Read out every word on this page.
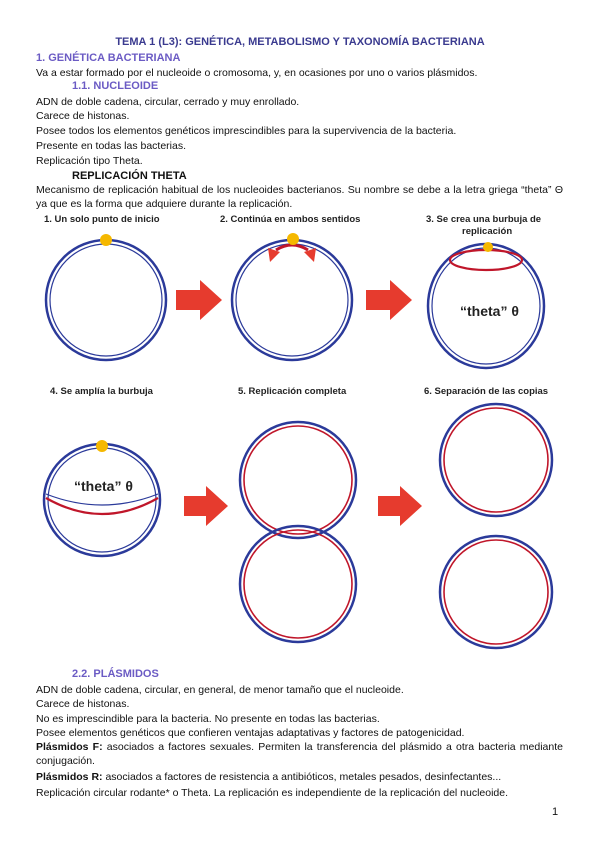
TEMA 1 (L3): GENÉTICA, METABOLISMO Y TAXONOMÍA BACTERIANA
1. GENÉTICA BACTERIANA
Va a estar formado por el nucleoide o cromosoma, y, en ocasiones por uno o varios plásmidos.
1.1. NUCLEOIDE
ADN de doble cadena, circular, cerrado y muy enrollado.
Carece de histonas.
Posee todos los elementos genéticos imprescindibles para la supervivencia de la bacteria.
Presente en todas las bacterias.
Replicación tipo Theta.
REPLICACIÓN THETA
Mecanismo de replicación habitual de los nucleoides bacterianos. Su nombre se debe a la letra griega “theta” Θ ya que es la forma que adquiere durante la replicación.
1. Un solo punto de inicio	2. Continúa en ambos sentidos	3. Se crea una burbuja de
replicación
4. Se amplía la burbuja	5. Replicación completa	6. Separación de las copias
“theta” θ
“theta” θ
2.2. PLÁSMIDOS
ADN de doble cadena, circular, en general, de menor tamaño que el nucleoide.
Carece de histonas.
No es imprescindible para la bacteria. No presente en todas las bacterias.
Posee elementos genéticos que confieren ventajas adaptativas y factores de patogenicidad.
Plásmidos F: asociados a factores sexuales. Permiten la transferencia del plásmido a otra bacteria mediante conjugación.
Plásmidos R: asociados a factores de resistencia a antibióticos, metales pesados, desinfectantes...
Replicación circular rodante* o Theta. La replicación es independiente de la replicación del nucleoide.
1
